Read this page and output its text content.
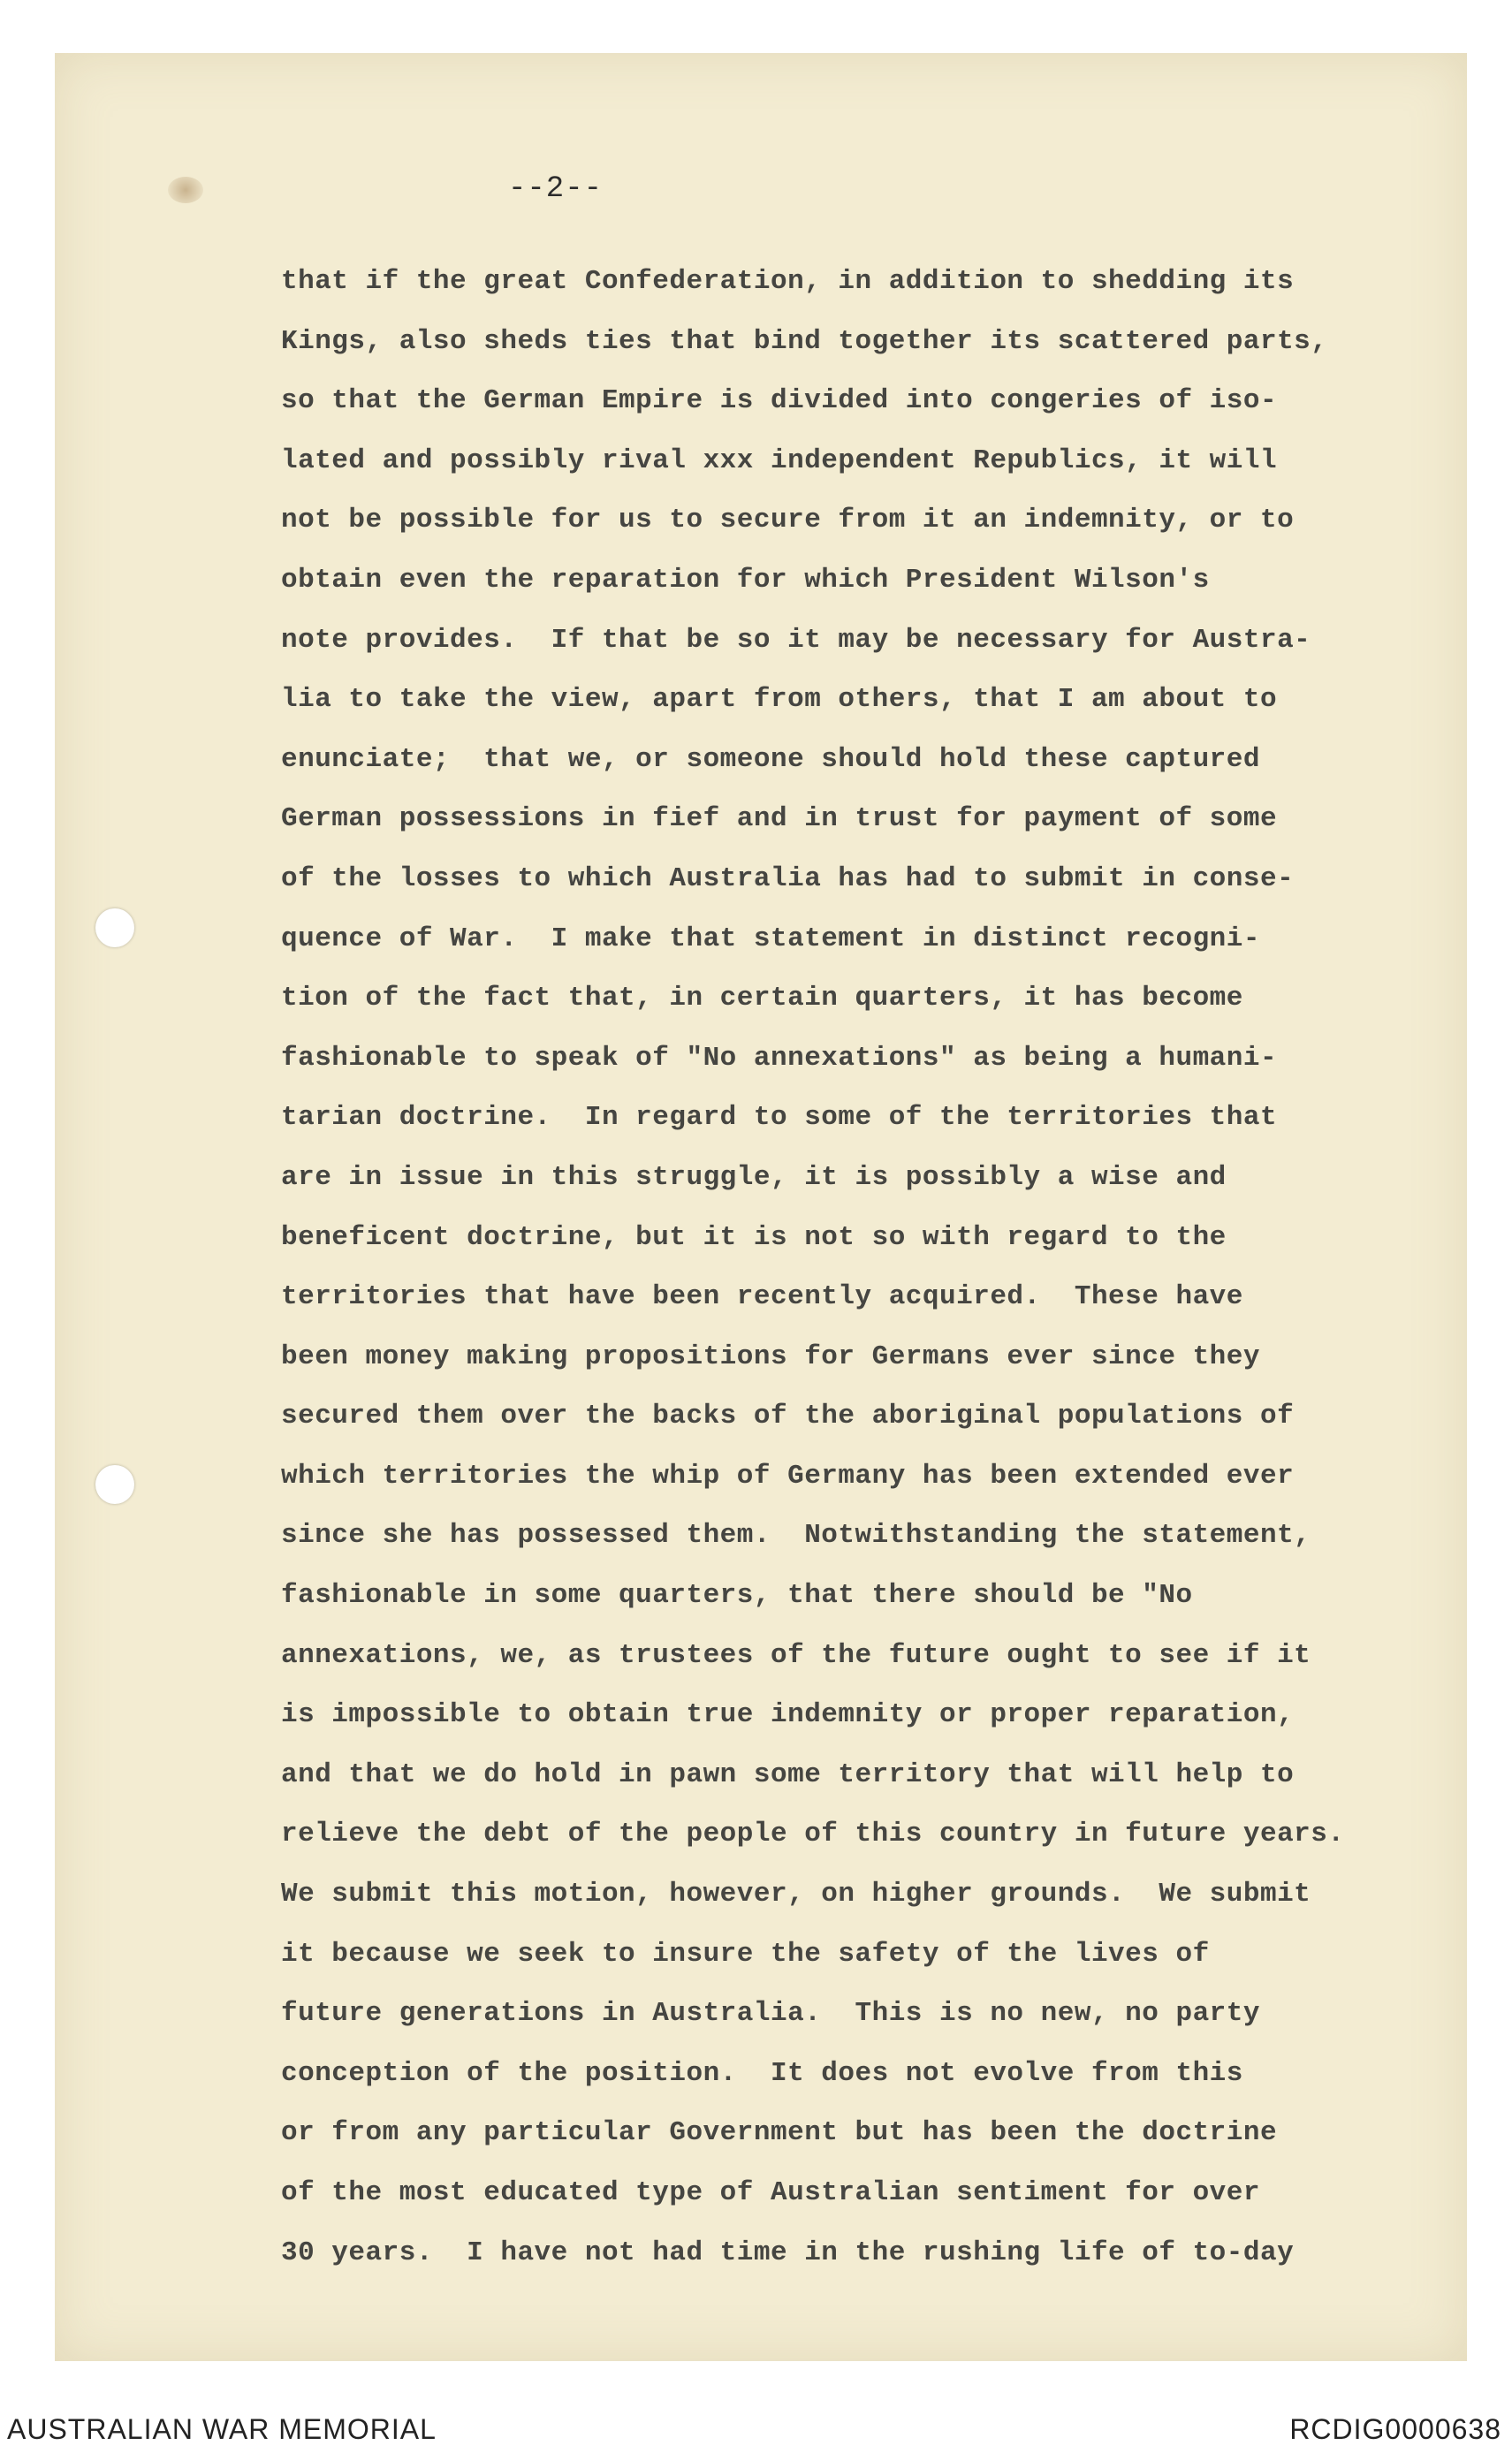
--2--
that if the great Confederation, in addition to shedding its
Kings, also sheds ties that bind together its scattered parts,
so that the German Empire is divided into congeries of iso-
lated and possibly rival xxx independent Republics, it will
not be possible for us to secure from it an indemnity, or to
obtain even the reparation for which President Wilson's
note provides.  If that be so it may be necessary for Austra-
lia to take the view, apart from others, that I am about to
enunciate;  that we, or someone should hold these captured
German possessions in fief and in trust for payment of some
of the losses to which Australia has had to submit in conse-
quence of War.  I make that statement in distinct recogni-
tion of the fact that, in certain quarters, it has become
fashionable to speak of "No annexations" as being a humani-
tarian doctrine.  In regard to some of the territories that
are in issue in this struggle, it is possibly a wise and
beneficent doctrine, but it is not so with regard to the
territories that have been recently acquired.  These have
been money making propositions for Germans ever since they
secured them over the backs of the aboriginal populations of
which territories the whip of Germany has been extended ever
since she has possessed them.  Notwithstanding the statement,
fashionable in some quarters, that there should be "No
annexations, we, as trustees of the future ought to see if it
is impossible to obtain true indemnity or proper reparation,
and that we do hold in pawn some territory that will help to
relieve the debt of the people of this country in future years.
We submit this motion, however, on higher grounds.  We submit
it because we seek to insure the safety of the lives of
future generations in Australia.  This is no new, no party
conception of the position.  It does not evolve from this
or from any particular Government but has been the doctrine
of the most educated type of Australian sentiment for over
30 years.  I have not had time in the rushing life of to-day
AUSTRALIAN WAR MEMORIAL	RCDIG0000638
